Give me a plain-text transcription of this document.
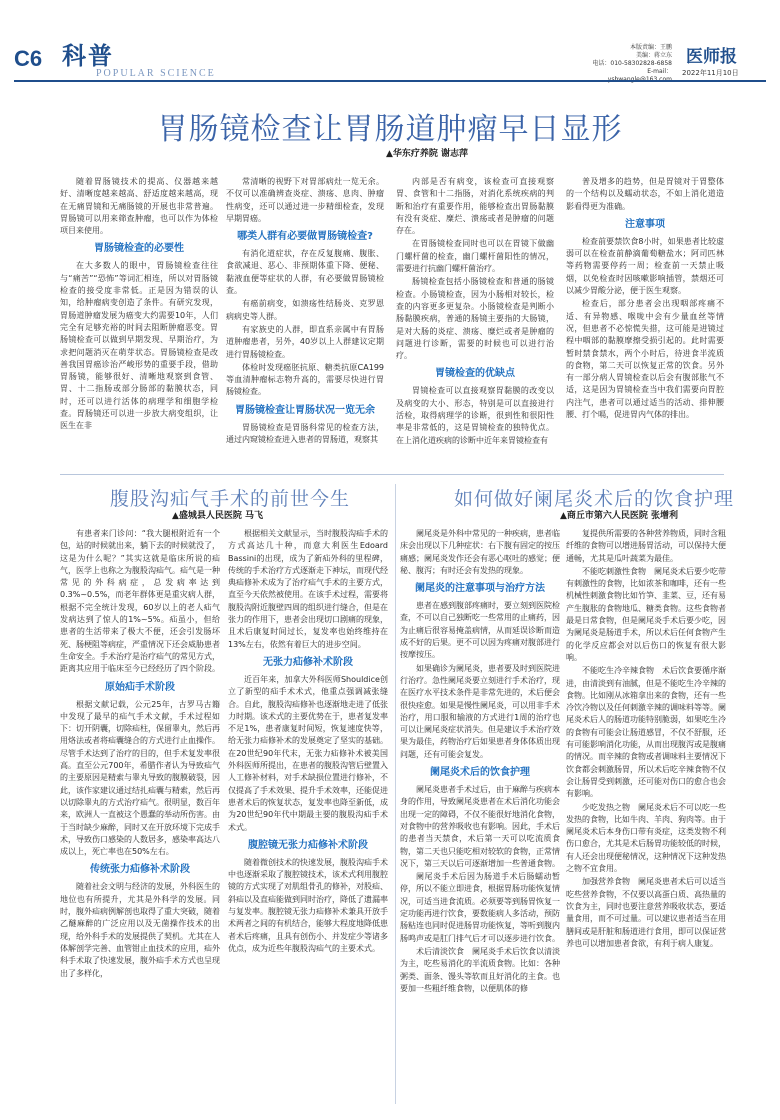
C6 科普
POPULAR SCIENCE
本版责编：王鹏
美编：蒋立东
电话：010-58302828-6858
E-mail：
医师报
2022年11月10日
胃肠镜检查让胃肠道肿瘤早日显形
▲华东疗养院 谢志萍

随着胃肠镜技术的提高、仪器越来越好、清晰度越来越高、舒适度越来越高，现在无痛胃镜和无痛肠镜的开展也非常普遍。胃肠镜可以用来筛查肿瘤，也可以作为体检项目来使用。

胃肠镜检查的必要性

在大多数人的眼中，胃肠镜检查往往与“痛苦”“恐怖”等词汇相连，所以对胃肠镜检查的接受度非常低。正是因为错误的认知，给肿瘤病变创造了条件。有研究发现，胃肠道肿瘤发展为癌变大约需要10年，人们完全有足够充裕的时间去阻断肿瘤恶变。胃肠镜检查可以做到早期发现、早期治疗，为求把问题消灭在萌芽状态。胃肠镜检查是改善我国胃癌诊治严峻形势的重要手段，借助胃肠镜，能够很好、清晰地观察到食管、胃、十二指肠或部分肠部的黏膜状态，同时，还可以进行活体的病理学和细胞学检查。胃肠镜还可以进一步放大病变组织，让医生在非

常清晰的视野下对胃部病灶一览无余。不仅可以准确辨查炎症、溃疡、息肉、肿瘤性病变，还可以通过进一步精细检查，发现早期胃癌。

哪类人群有必要做胃肠镜检查?

有消化道症状，存在反复腹痛、腹胀、食欲减退、恶心、非预期体重下降、便秘、黏液血便等症状的人群，有必要做胃肠镜检查。

有癌前病变，如溃疡性结肠炎、克罗恩病病史等人群。

有家族史的人群，即直系亲属中有胃肠道肿瘤患者，另外，40岁以上人群建议定期进行胃肠镜检查。

体检时发现癌胚抗原、糖类抗原CA199等血清肿瘤标志物升高的，需要尽快进行胃肠镜检查。

胃肠镜检查让胃肠状况一览无余

胃肠镜检查是胃肠科常见的检查方法，通过内窥镜检查进入患者的胃肠道，观察其

内部是否有病变，该检查可直接观察胃、食管和十二指肠，对消化系统疾病的判断和治疗有重要作用，能够检查出胃肠黏膜有没有炎症、糜烂、溃疡或者是肿瘤的问题存在。

在胃肠镜检查同时也可以在胃镜下做幽门螺杆菌的检查，幽门螺杆菌阳性的情况，需要进行抗幽门螺杆菌治疗。

肠镜检查包括小肠镜检查和普通的肠镜检查。小肠镜检查，因为小肠相对较长，检查的内容更多更复杂。小肠镜检查是判断小肠黏膜疾病，普通的肠镜主要指的大肠镜，是对大肠的炎症、溃疡、糜烂或者是肿瘤的问题进行诊断，需要的时候也可以进行治疗。

胃镜检查的优缺点

胃镜检查可以直接观察胃黏膜的改变以及病变的大小、形态，特别是可以直接进行活检，取得病理学的诊断，很到性和很阳性率是非常低的，这是胃镜检查的独特优点。在上消化道疾病的诊断中近年来胃镜检查有

普及增多的趋势，但是胃镜对于胃整体的一个结构以及蠕动状态，不如上消化道造影看得更为准确。

注意事项

检查前要禁饮食8小时，如果患者比较虚弱可以在检查前静滴葡萄糖盐水；阿司匹林等药物需要停药一周；检查前一天禁止吸烟，以免检查时因咳嗽影响插管，禁烟还可以减少胃酸分泌，便于医生观察。

检查后，部分患者会出现咽部疼痛不适、有异物感、喉咙中会有少量血丝等情况，但患者不必惊慌失措，这可能是进镜过程中咽部的黏膜摩擦受损引起的。此时需要暂时禁食禁水，两个小时后，待进食半流质的食物，第二天可以恢复正常的饮食。另外有一部分病人胃镜检查以后会有腹部胀气不适，这是因为胃镜检查当中我们需要向胃腔内注气，患者可以通过适当的活动、排伸腰腰、打个嗝，促进胃内气体的排出。

腹股沟疝气手术的前世今生
▲盛城县人民医院 马飞

有患者来门诊问：“我大腿根附近有一个包，站的时候就出来，躺下去的时候就没了，这是为什么呢？”其实这就是临床所说的疝气，医学上也称之为腹股沟疝气。疝气是一种常见的外科病症，总发病率达到0.3%~0.5%，而老年群体更是重灾病人群，根据不完全统计发现，60岁以上的老人疝气发病达到了惊人的1%~5%。疝虽小，但给患者的生活带来了极大不便，还会引发肠坏死、肠梗阻等病症，严重情况下还会威胁患者生命安全。手术治疗是治疗疝气的常见方式，距离其应用于临床至今已经经历了四个阶段。

原始疝手术阶段

根据文献记载，公元25年，古罗马古籍中发现了最早的疝气手术文献，手术过程如下：切开阴囊，切除疝柱，保留睾丸，然后再用烙法或者将疝囊缝合的方式进行止血操作。尽管手术达到了治疗的目的，但手术复发率很高。直至公元700年，希腊作者认为导致疝气的主要原因是精索与睾丸导致的腹膜破裂，因此，该作家建议通过结扎疝囊与精索，然后再以切除睾丸的方式治疗疝气。很明显，数百年来，欧洲人一直被这个愚蠢的举动所伤害。由于当时缺少麻醉，同时又在开放环境下完成手术，导致伤口感染的人数居多，感染率高达八成以上，死亡率也在50%左右。

传统张力疝修补术阶段

随着社会文明与经济的发展，外科医生的地位也有所提升，尤其是外科学的发展。同时，腹外疝病例解剖也取得了重大突破，随着乙醚麻醉的广泛应用以及无菌操作技术的出现，给外科手术的发展提供了契机。尤其在人体解剖学完善、血管钳止血技术的应用，疝外科手术取了快速发展，腹外疝手术方式也呈现出了多样化，

根据相关文献显示，当时腹股沟疝手术的方式高达几十种，而意大利医生Edoard Bassini的出现，成为了新疝外科的里程碑，传统的手术治疗方式逐渐走下神坛，而现代经典疝修补术成为了治疗疝气手术的主要方式，直至今天依然被使用。在该手术过程，需要将腹股沟附近腹壁四周的组织进行缝合，但是在张力的作用下，患者会出现切口剧痛的现象，且术后康复时间过长，复发率也始终维持在13%左右，依然有着巨大的进步空间。

无张力疝修补术阶段

近百年来，加拿大外科医师Shouldice创立了新型的疝手术术式，他重点强调减张缝合。自此，腹股沟疝修补也逐渐地走进了低张力时期。该术式的主要优势在于，患者复发率不足1%，患者康复时间短，恢复速度快等，给无张力疝修补术的发展奠定了坚实的基础。在20世纪90年代末，无张力疝修补术被美国外科医师所提出，在患者的腹股沟管后壁置入人工修补材料，对手术缺损位置进行修补，不仅提高了手术效果、提升手术效率，还能促进患者术后的恢复状态，复发率也降至新低，成为20世纪90年代中期最主要的腹股沟疝手术术式。

腹腔镜无张力疝修补术阶段

随着微创技术的快速发展，腹股沟疝手术中也逐渐采取了腹腔镜技术，该术式利用腹腔镜的方式实现了对肌组骨孔的修补，对股疝、斜疝以及直疝能做到同时治疗，降低了遗漏率与复发率。腹腔镜无张力疝修补术兼具开放手术两者之间的有机结合，能够大程度地降低患者术后疼痛，且具有创伤小、并发症少等诸多优点，成为近些年腹股沟疝气的主要术式。

如何做好阑尾炎术后的饮食护理
▲商丘市第六人民医院 张增利

阑尾炎是外科中常见的一种疾病，患者临床会出现以下几种症状：右下腹有固定的按压痛感；阑尾炎发作还会有恶心呕吐的感觉；便秘、腹泻；有时还会有发热的现象。

阑尾炎的注意事项与治疗方法

患者在感到腹部疼痛时，要立刻到医院检查，不可以自己独断吃一些常用的止痛药，因为止痛后很容易掩盖病情，从而延误诊断而造成不好的后果。更不可以因为疼痛对腹部进行按摩按压。

如果确诊为阑尾炎，患者要及时到医院进行治疗。急性阑尾炎要立刻进行手术治疗，现在医疗水平技术条件是非常先进的，术后便会很快痊愈。如果是慢性阑尾炎，可以用非手术治疗，用口服和输液的方式进行1周的治疗也可以让阑尾炎症状消失。但是建议手术治疗效果为最佳，药物治疗后如果患者身体体质出现问题，还有可能会复发。

阑尾炎术后的饮食护理

阑尾炎患者手术过后，由于麻醉与疾病本身的作用，导致阑尾炎患者在术后消化功能会出现一定的障碍，不仅不能很好地消化食物，对食物中的营养吸收也有影响。因此，手术后的患者当天禁食，术后第一天可以吃流质食物，第二天也只能吃相对较软的食物，正常情况下，第三天以后可逐渐增加一些普通食物。

阑尾炎手术后因为肠道手术后肠蠕动暂停，所以不能立即进食，根据胃肠功能恢复情况，可适当进食流质。必须要等到肠胃恢复一定功能再进行饮食，要数能病人多活动，预防肠粘连也同时促进肠胃功能恢复，等听到腹内肠鸣声或是肛门排气后才可以逐步进行饮食。

术后清淡饮食　阑尾炎手术后饮食以清淡为主，吃些易消化的半流质食物。比如：各种粥类、面条、馒头等软而且好消化的主食。也要加一些粗纤维食物，以便肌体的修

复提供所需要的各种营养物质，同时含粗纤维的食物可以增进肠胃活动，可以保持大便通畅，尤其是瓜叶蔬菜为最佳。

不能吃刺激性食物　阑尾炎术后要少吃带有刺激性的食物，比如浓茶和咖啡，还有一些机械性刺激食物比如竹笋、韭菜、豆，还有易产生腹胀的食物地瓜、糖类食物。这些食物者最是日常食物，但是阑尾炎手术后要少吃，因为阑尾炎是肠道手术，所以术后任何食物产生的化学反应都会对以后伤口的恢复有很大影响。

不能吃生冷辛辣食物　术后饮食要循序渐进，由清淡到有油腻，但是不能吃生冷辛辣的食物。比如刚从冰箱拿出来的食物，还有一些冷饮冷物以及任何刺激辛辣的调味料等等。阑尾炎术后人的肠道功能特别脆弱，如果吃生冷的食物有可能会让肠道感冒，不仅不舒服，还有可能影响消化功能，从而出现腹泻或是腹痛的情况。而辛辣的食物或者调味料主要情况下饮食都会刺激肠胃，所以术后吃辛辣食物不仅会让肠胃受到刺激，还可能对伤口的愈合也会有影响。

少吃发热之物　阑尾炎术后不可以吃一些发热的食物，比如牛肉、羊肉、狗肉等。由于阑尾炎术后本身伤口带有炎症，这类发物不利伤口愈合，尤其是术后肠胃功能较低的时候，有人还会出现便秘情况，这种情况下这种发热之物不宜食用。

加强营养食物　阑尾炎患者术后可以适当吃些营养食物，不仅要以高蛋白质、高热量的饮食为主，同时也要注意营养吸收状态，要适量食用，而不可过量。可以建议患者适当在用膳间或是肝脏和肠道进行食用，即可以保证营养也可以增加患者食欲，有利于病人康复。
